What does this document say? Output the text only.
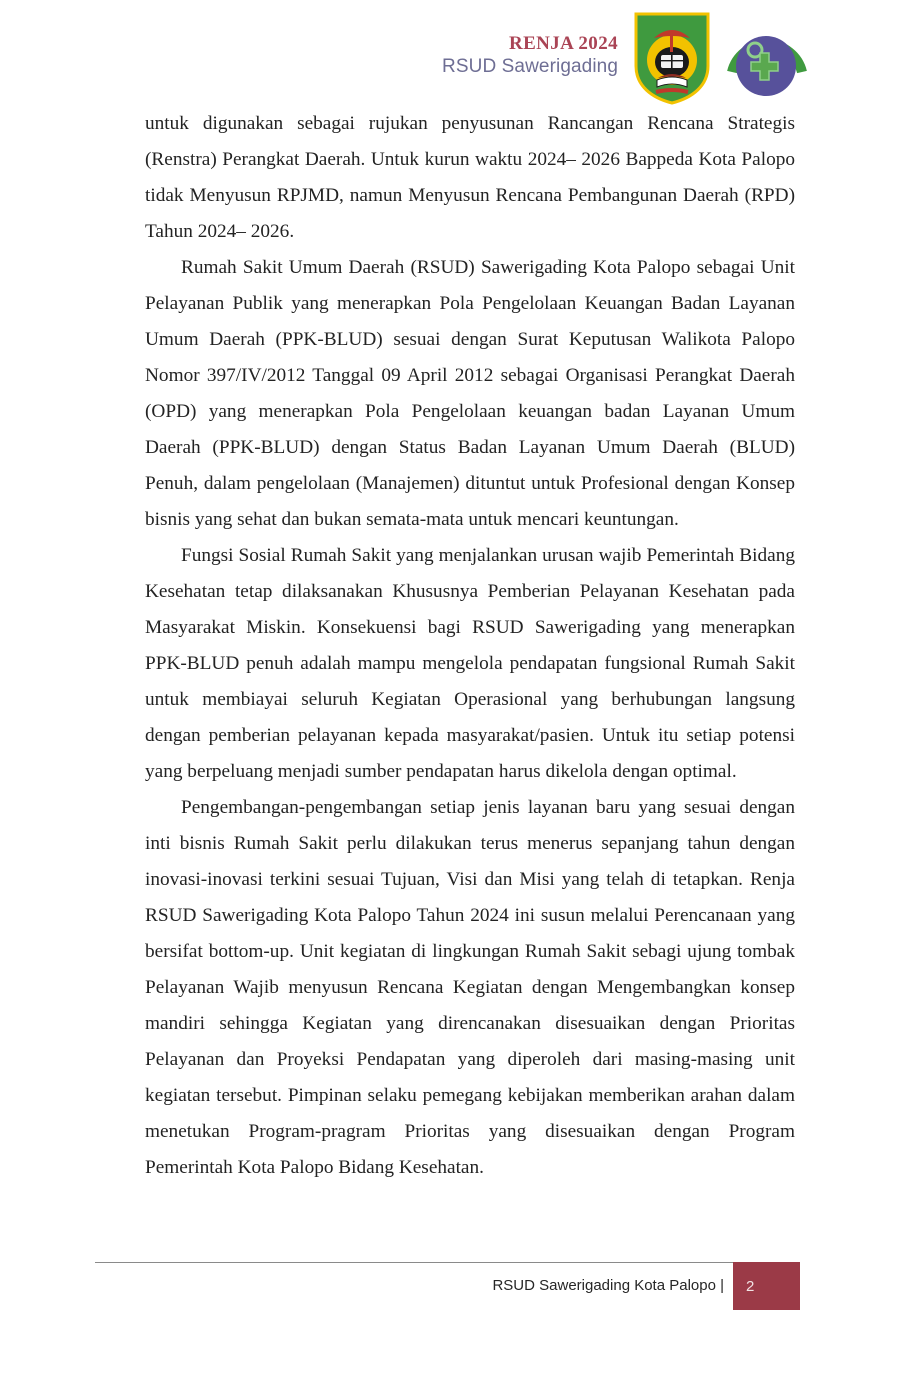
RENJA 2024
RSUD Sawerigading

untuk digunakan sebagai rujukan penyusunan Rancangan Rencana Strategis (Renstra) Perangkat Daerah. Untuk kurun waktu 2024– 2026 Bappeda Kota Palopo tidak Menyusun RPJMD, namun Menyusun Rencana Pembangunan Daerah (RPD) Tahun 2024– 2026.

Rumah Sakit Umum Daerah (RSUD) Sawerigading Kota Palopo sebagai Unit Pelayanan Publik yang menerapkan Pola Pengelolaan Keuangan Badan Layanan Umum Daerah (PPK-BLUD) sesuai dengan Surat Keputusan Walikota Palopo Nomor 397/IV/2012 Tanggal 09 April 2012 sebagai Organisasi Perangkat Daerah (OPD) yang menerapkan Pola Pengelolaan keuangan badan Layanan Umum Daerah (PPK-BLUD) dengan Status Badan Layanan Umum Daerah (BLUD) Penuh, dalam pengelolaan (Manajemen) dituntut untuk Profesional dengan Konsep bisnis yang sehat dan bukan semata-mata untuk mencari keuntungan.

Fungsi Sosial Rumah Sakit yang menjalankan urusan wajib Pemerintah Bidang Kesehatan tetap dilaksanakan Khususnya Pemberian Pelayanan Kesehatan pada Masyarakat Miskin. Konsekuensi bagi RSUD Sawerigading yang menerapkan PPK-BLUD penuh adalah mampu mengelola pendapatan fungsional Rumah Sakit untuk membiayai seluruh Kegiatan Operasional yang berhubungan langsung dengan pemberian pelayanan kepada masyarakat/pasien. Untuk itu setiap potensi yang berpeluang menjadi sumber pendapatan harus dikelola dengan optimal.

Pengembangan-pengembangan setiap jenis layanan baru yang sesuai dengan inti bisnis Rumah Sakit perlu dilakukan terus menerus sepanjang tahun dengan inovasi-inovasi terkini sesuai Tujuan, Visi dan Misi yang telah di tetapkan. Renja RSUD Sawerigading Kota Palopo Tahun 2024 ini susun melalui Perencanaan yang bersifat bottom-up. Unit kegiatan di lingkungan Rumah Sakit sebagi ujung tombak Pelayanan Wajib menyusun Rencana Kegiatan dengan Mengembangkan konsep mandiri sehingga Kegiatan yang direncanakan disesuaikan dengan Prioritas Pelayanan dan Proyeksi Pendapatan yang diperoleh dari masing-masing unit kegiatan tersebut. Pimpinan selaku pemegang kebijakan memberikan arahan dalam menetukan Program-pragram Prioritas yang disesuaikan dengan Program Pemerintah Kota Palopo Bidang Kesehatan.

RSUD Sawerigading Kota Palopo |	2
